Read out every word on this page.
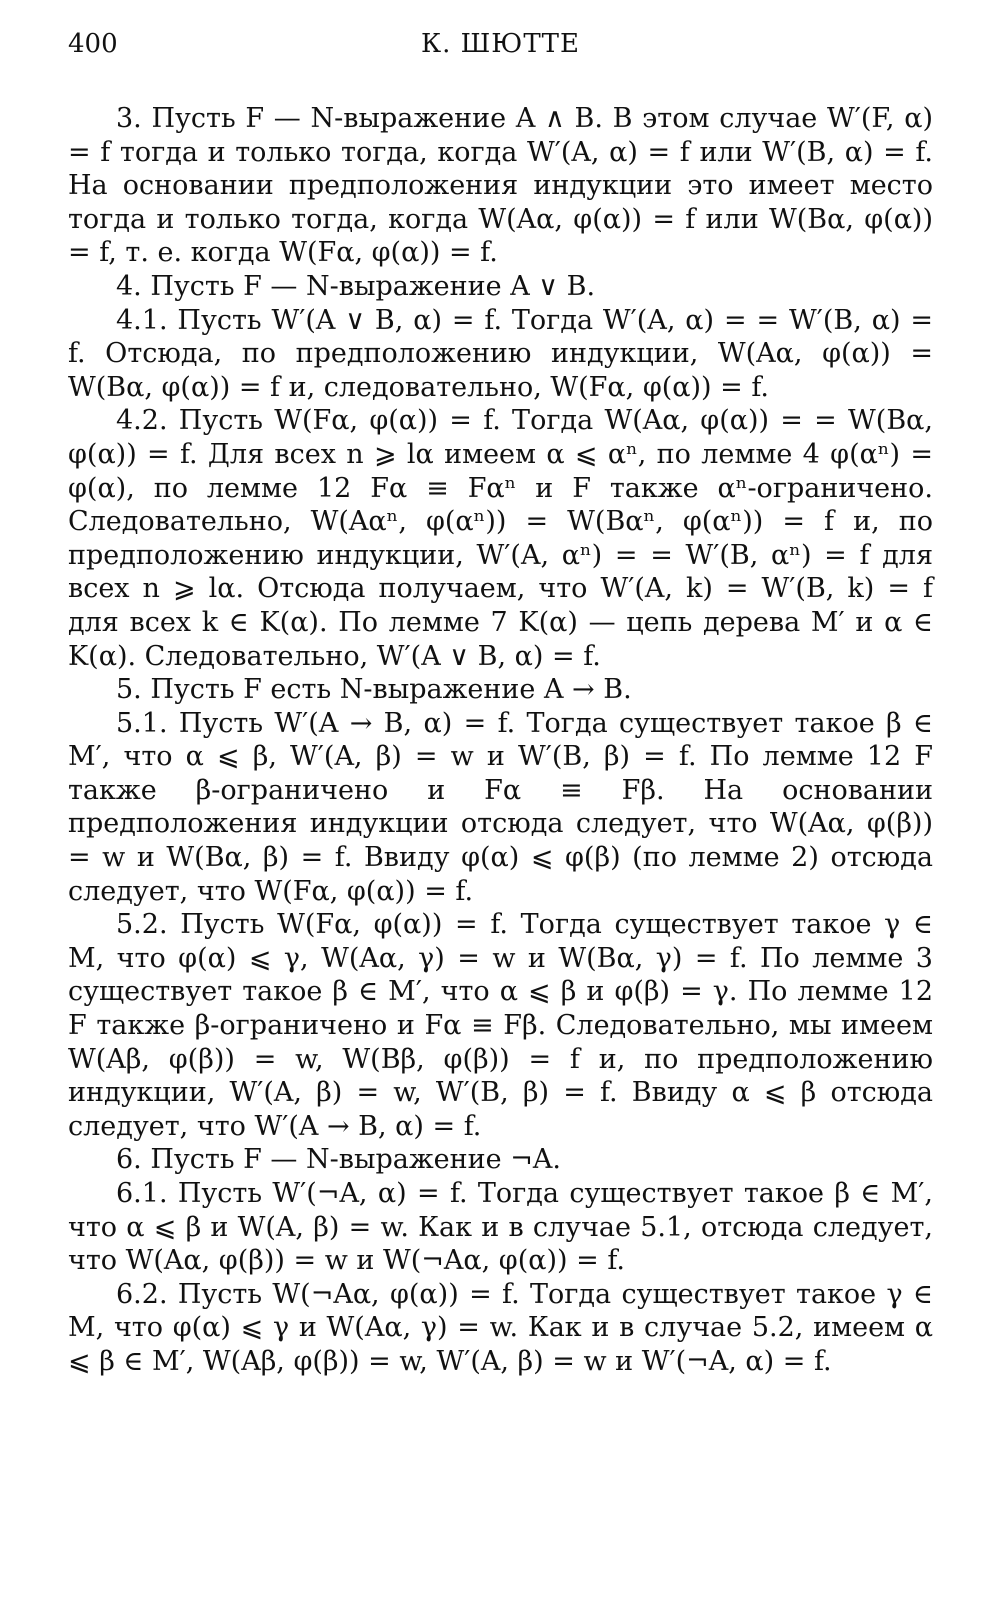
400	К. ШЮТТЕ

3. Пусть F — N-выражение A ∧ B. В этом случае W′(F, α) = f тогда и только тогда, когда W′(A, α) = f или W′(B, α) = f. На основании предположения индукции это имеет место тогда и только тогда, когда W(Aα, φ(α)) = f или W(Bα, φ(α)) = f, т. е. когда W(Fα, φ(α)) = f.

4. Пусть F — N-выражение A ∨ B.

4.1. Пусть W′(A ∨ B, α) = f. Тогда W′(A, α) = = W′(B, α) = f. Отсюда, по предположению индукции, W(Aα, φ(α)) = W(Bα, φ(α)) = f и, следовательно, W(Fα, φ(α)) = f.

4.2. Пусть W(Fα, φ(α)) = f. Тогда W(Aα, φ(α)) = = W(Bα, φ(α)) = f. Для всех n ⩾ lα имеем α ⩽ αⁿ, по лемме 4 φ(αⁿ) = φ(α), по лемме 12 Fα ≡ Fαⁿ и F также αⁿ-ограничено. Следовательно, W(Aαⁿ, φ(αⁿ)) = W(Bαⁿ, φ(αⁿ)) = f и, по предположению индукции, W′(A, αⁿ) = = W′(B, αⁿ) = f для всех n ⩾ lα. Отсюда получаем, что W′(A, k) = W′(B, k) = f для всех k ∈ K(α). По лемме 7 K(α) — цепь дерева M′ и α ∈ K(α). Следовательно, W′(A ∨ B, α) = f.

5. Пусть F есть N-выражение A → B.

5.1. Пусть W′(A → B, α) = f. Тогда существует такое β ∈ M′, что α ⩽ β, W′(A, β) = w и W′(B, β) = f. По лемме 12 F также β-ограничено и Fα ≡ Fβ. На основании предположения индукции отсюда следует, что W(Aα, φ(β)) = w и W(Bα, β) = f. Ввиду φ(α) ⩽ φ(β) (по лемме 2) отсюда следует, что W(Fα, φ(α)) = f.

5.2. Пусть W(Fα, φ(α)) = f. Тогда существует такое γ ∈ M, что φ(α) ⩽ γ, W(Aα, γ) = w и W(Bα, γ) = f. По лемме 3 существует такое β ∈ M′, что α ⩽ β и φ(β) = γ. По лемме 12 F также β-ограничено и Fα ≡ Fβ. Следовательно, мы имеем W(Aβ, φ(β)) = w, W(Bβ, φ(β)) = f и, по предположению индукции, W′(A, β) = w, W′(B, β) = f. Ввиду α ⩽ β отсюда следует, что W′(A → B, α) = f.

6. Пусть F — N-выражение ¬A.

6.1. Пусть W′(¬A, α) = f. Тогда существует такое β ∈ M′, что α ⩽ β и W(A, β) = w. Как и в случае 5.1, отсюда следует, что W(Aα, φ(β)) = w и W(¬Aα, φ(α)) = f.

6.2. Пусть W(¬Aα, φ(α)) = f. Тогда существует такое γ ∈ M, что φ(α) ⩽ γ и W(Aα, γ) = w. Как и в случае 5.2, имеем α ⩽ β ∈ M′, W(Aβ, φ(β)) = w, W′(A, β) = w и W′(¬A, α) = f.
